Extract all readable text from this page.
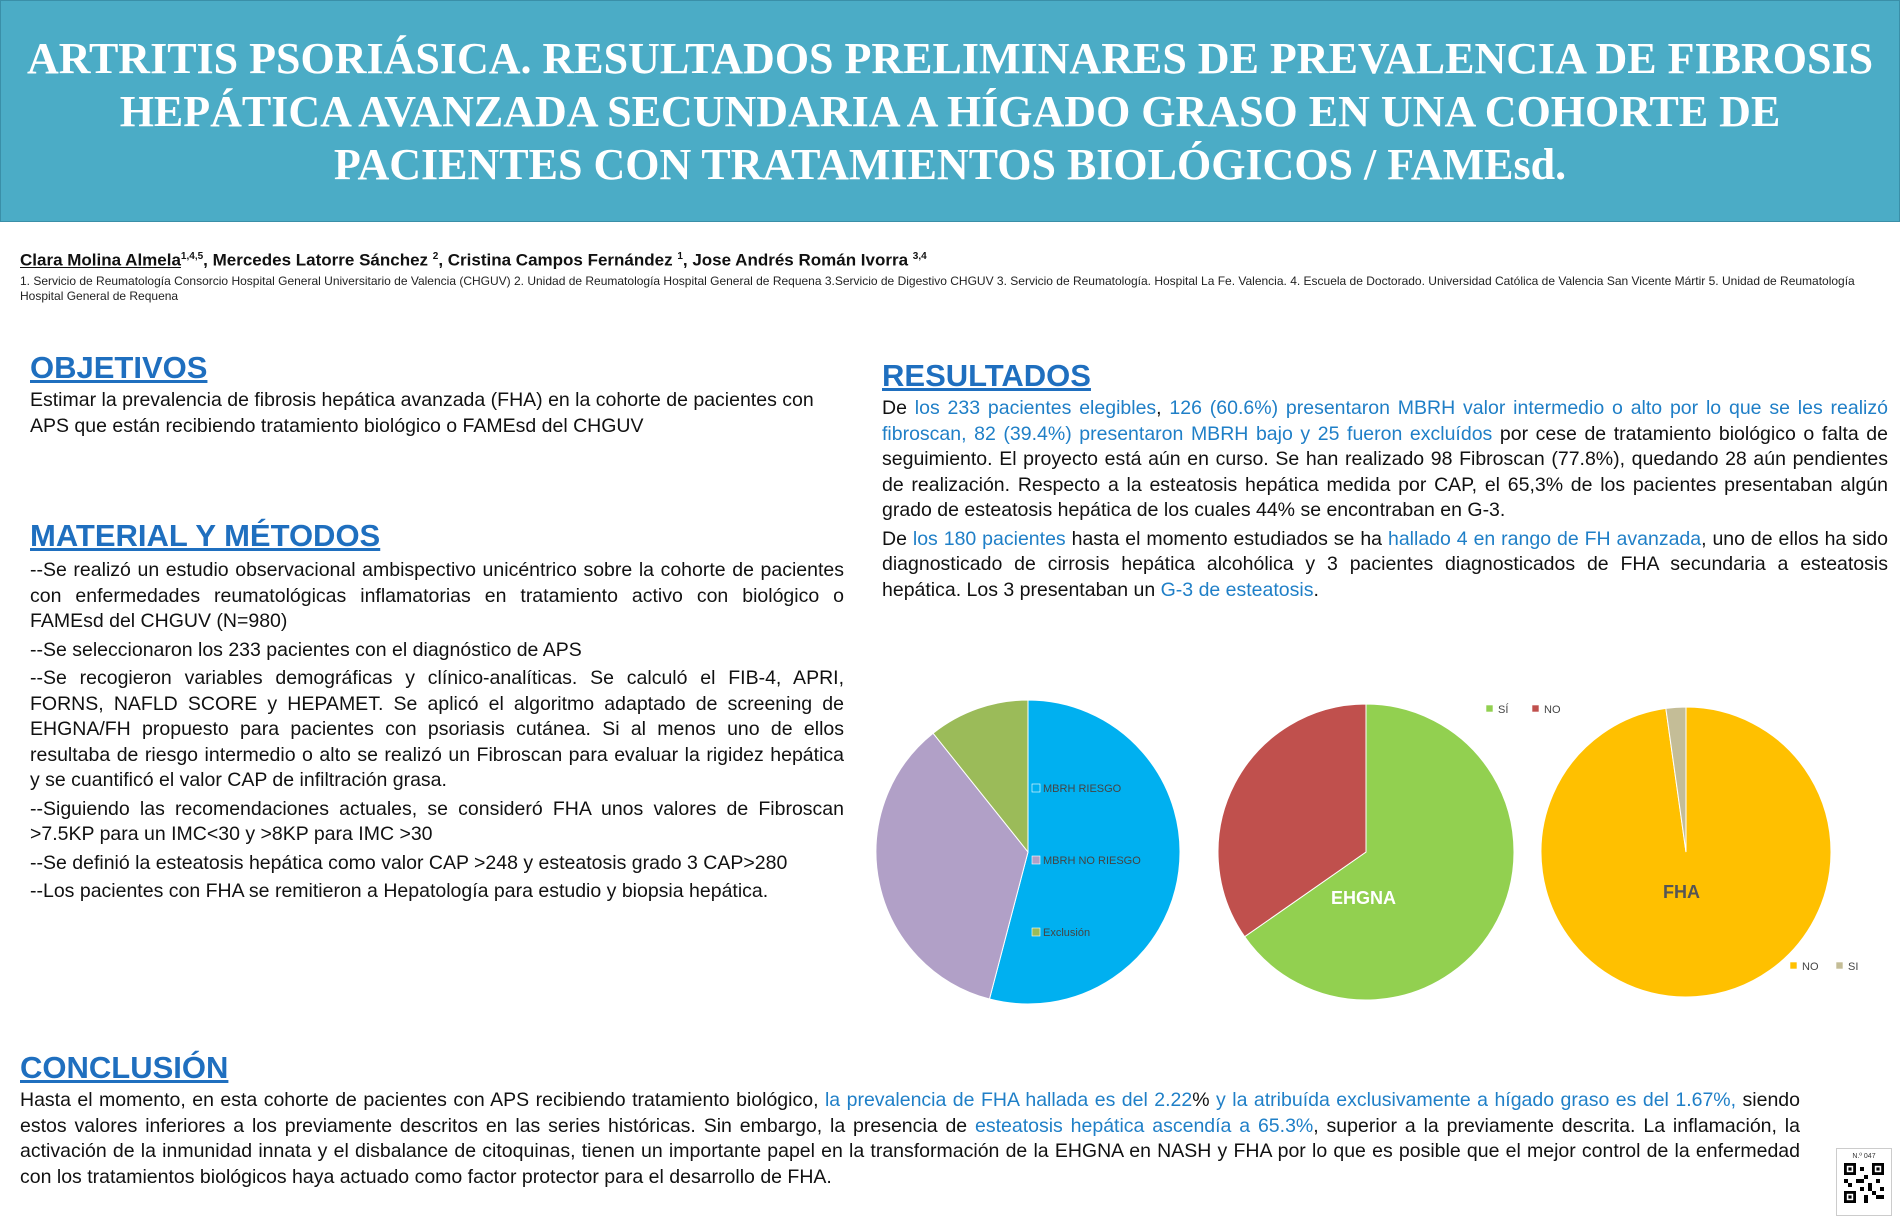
ARTRITIS PSORIÁSICA. RESULTADOS PRELIMINARES DE PREVALENCIA DE FIBROSIS HEPÁTICA AVANZADA SECUNDARIA A HÍGADO GRASO EN UNA COHORTE DE PACIENTES CON TRATAMIENTOS BIOLÓGICOS / FAMEsd.
Clara Molina Almela$^{1,4,5}$, Mercedes Latorre Sánchez $^2$, Cristina Campos Fernández $^1$, Jose Andrés Román Ivorra $^{3,4}$
1. Servicio de Reumatología Consorcio Hospital General Universitario de Valencia (CHGUV) 2. Unidad de Reumatología Hospital General de Requena 3.Servicio de Digestivo CHGUV 3. Servicio de Reumatología. Hospital La Fe. Valencia. 4. Escuela de Doctorado. Universidad Católica de Valencia San Vicente Mártir 5. Unidad de Reumatología Hospital General de Requena
OBJETIVOS
Estimar la prevalencia de fibrosis hepática avanzada (FHA) en la cohorte de pacientes con APS que están recibiendo tratamiento biológico o FAMEsd del CHGUV
MATERIAL Y MÉTODOS

--Se realizó un estudio observacional ambispectivo unicéntrico sobre la cohorte de pacientes con enfermedades reumatológicas inflamatorias en tratamiento activo con biológico o FAMEsd del CHGUV (N=980)

--Se seleccionaron los 233 pacientes con el diagnóstico de APS

--Se recogieron variables demográficas y clínico-analíticas. Se calculó el FIB-4, APRI, FORNS, NAFLD SCORE y HEPAMET. Se aplicó el algoritmo adaptado de screening de EHGNA/FH propuesto para pacientes con psoriasis cutánea. Si al menos uno de ellos resultaba de riesgo intermedio o alto se realizó un Fibroscan para evaluar la rigidez hepática y se cuantificó el valor CAP de infiltración grasa.

--Siguiendo las recomendaciones actuales, se consideró FHA unos valores de Fibroscan >7.5KP para un IMC<30 y >8KP para IMC >30

--Se definió la esteatosis hepática como valor CAP >248 y esteatosis grado 3 CAP>280

--Los pacientes con FHA se remitieron a Hepatología para estudio y biopsia hepática.

RESULTADOS

De los 233 pacientes elegibles, 126 (60.6%) presentaron MBRH valor intermedio o alto por lo que se les realizó fibroscan, 82 (39.4%) presentaron MBRH bajo y 25 fueron excluídos por cese de tratamiento biológico o falta de seguimiento. El proyecto está aún en curso. Se han realizado 98 Fibroscan (77.8%), quedando 28 aún pendientes de realización. Respecto a la esteatosis hepática medida por CAP, el 65,3% de los pacientes presentaban algún grado de esteatosis hepática de los cuales 44% se encontraban en G-3.

De los 180 pacientes hasta el momento estudiados se ha hallado 4 en rango de FH avanzada, uno de ellos ha sido diagnosticado de cirrosis hepática alcohólica y 3 pacientes diagnosticados de FHA secundaria a esteatosis hepática. Los 3 presentaban un G-3 de esteatosis.

MBRH RIESGO
MBRH NO RIESGO
Exclusión
SÍ	NO
EHGNA
NO	SI
FHA
CONCLUSIÓN
Hasta el momento, en esta cohorte de pacientes con APS recibiendo tratamiento biológico, la prevalencia de FHA hallada es del 2.22% y la atribuída exclusivamente a hígado graso es del 1.67%, siendo estos valores inferiores a los previamente descritos en las series históricas. Sin embargo, la presencia de esteatosis hepática ascendía a 65.3%, superior a la previamente descrita. La inflamación, la activación de la inmunidad innata y el disbalance de citoquinas, tienen un importante papel en la transformación de la EHGNA en NASH y FHA por lo que es posible que el mejor control de la enfermedad con los tratamientos biológicos haya actuado como factor protector para el desarrollo de FHA.
N.º 047
